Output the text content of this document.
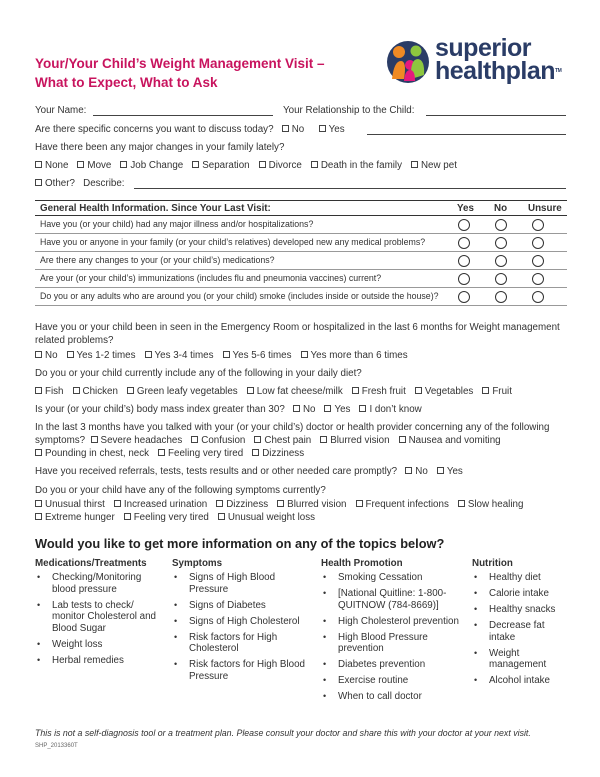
Your/Your Child’s Weight Management Visit –
What to Expect, What to Ask
superior
healthplanTM
Your Name:	Your Relationship to the Child:
Are there specific concerns you want to discuss today? No Yes
Have there been any major changes in your family lately?
None Move Job Change Separation Divorce Death in the family New pet
Other? Describe:
General Health Information. Since Your Last Visit:	Yes No Unsure
Have you (or your child) had any major illness and/or hospitalizations?
Have you or anyone in your family (or your child’s relatives) developed new any medical problems?
Are there any changes to your (or your child’s) medications?
Are your (or your child’s) immunizations (includes flu and pneumonia vaccines) current?
Do you or any adults who are around you (or your child) smoke (includes inside or outside the house)?
Have you or your child been in seen in the Emergency Room or hospitalized in the last 6 months for Weight management
related problems?
No Yes 1-2 times Yes 3-4 times Yes 5-6 times Yes more than 6 times
Do you or your child currently include any of the following in your daily diet?
Fish Chicken Green leafy vegetables Low fat cheese/milk Fresh fruit Vegetables Fruit
Is your (or your child’s) body mass index greater than 30? No Yes I don’t know
In the last 3 months have you talked with your (or your child’s) doctor or health provider concerning any of the following
symptoms? Severe headaches Confusion Chest pain Blurred vision Nausea and vomiting
Pounding in chest, neck Feeling very tired Dizziness
Have you received referrals, tests, tests results and or other needed care promptly? No Yes
Do you or your child have any of the following symptoms currently?
Unusual thirst Increased urination Dizziness Blurred vision Frequent infections Slow healing
Extreme hunger Feeling very tired Unusual weight loss
Would you like to get more information on any of the topics below?
Medications/Treatments
• Checking/Monitoring blood pressure
• Lab tests to check/ monitor Cholesterol and Blood Sugar
• Weight loss
• Herbal remedies
Symptoms
• Signs of High Blood Pressure
• Signs of Diabetes
• Signs of High Cholesterol
• Risk factors for High Cholesterol
• Risk factors for High Blood Pressure
Health Promotion
• Smoking Cessation
• [National Quitline: 1-800-QUITNOW (784-8669)]
• High Cholesterol prevention
• High Blood Pressure prevention
• Diabetes prevention
• Exercise routine
• When to call doctor
Nutrition
• Healthy diet
• Calorie intake
• Healthy snacks
• Decrease fat intake
• Weight management
• Alcohol intake
This is not a self-diagnosis tool or a treatment plan. Please consult your doctor and share this with your doctor at your next visit.
SHP_2013360T
